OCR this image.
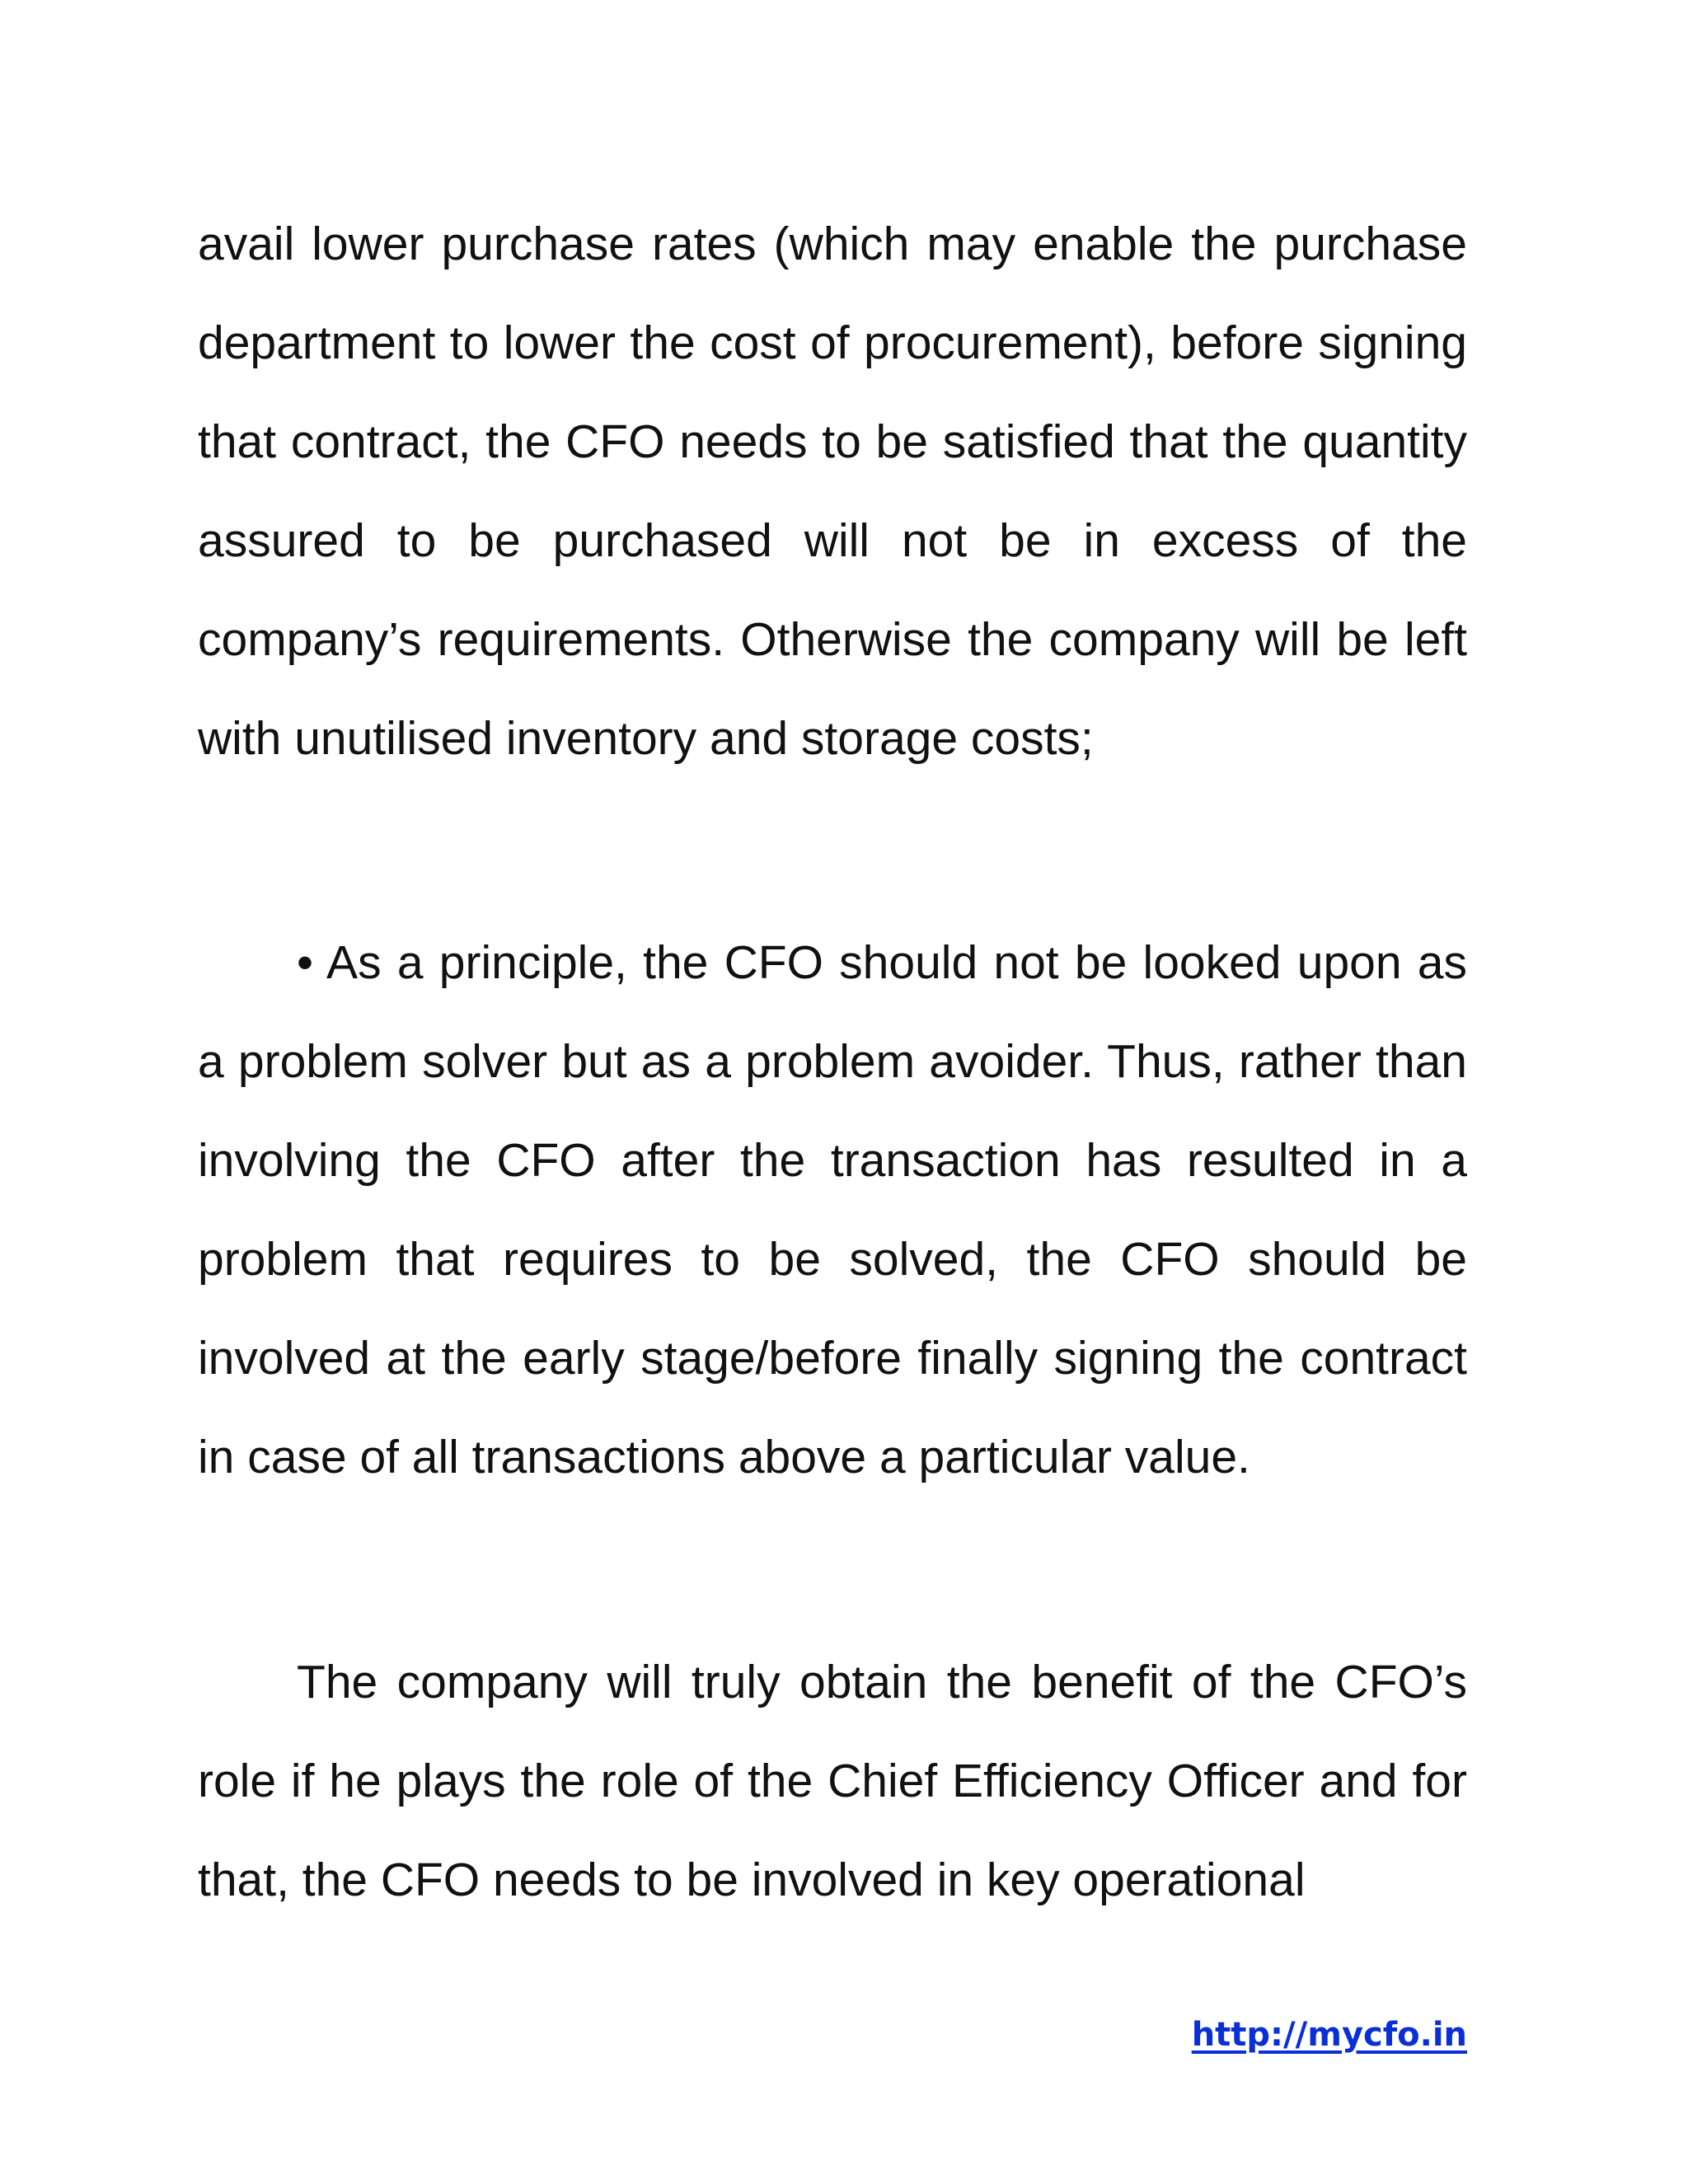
avail lower purchase rates (which may enable the purchase department to lower the cost of procurement), before signing that contract, the CFO needs to be satisfied that the quantity assured to be purchased will not be in excess of the company’s requirements. Otherwise the company will be left with unutilised inventory and storage costs;

• As a principle, the CFO should not be looked upon as a problem solver but as a problem avoider. Thus, rather than involving the CFO after the transaction has resulted in a problem that requires to be solved, the CFO should be involved at the early stage/before finally signing the contract in case of all transactions above a particular value.

The company will truly obtain the benefit of the CFO’s role if he plays the role of the Chief Efficiency Officer and for that, the CFO needs to be involved in key operational

http://mycfo.in
